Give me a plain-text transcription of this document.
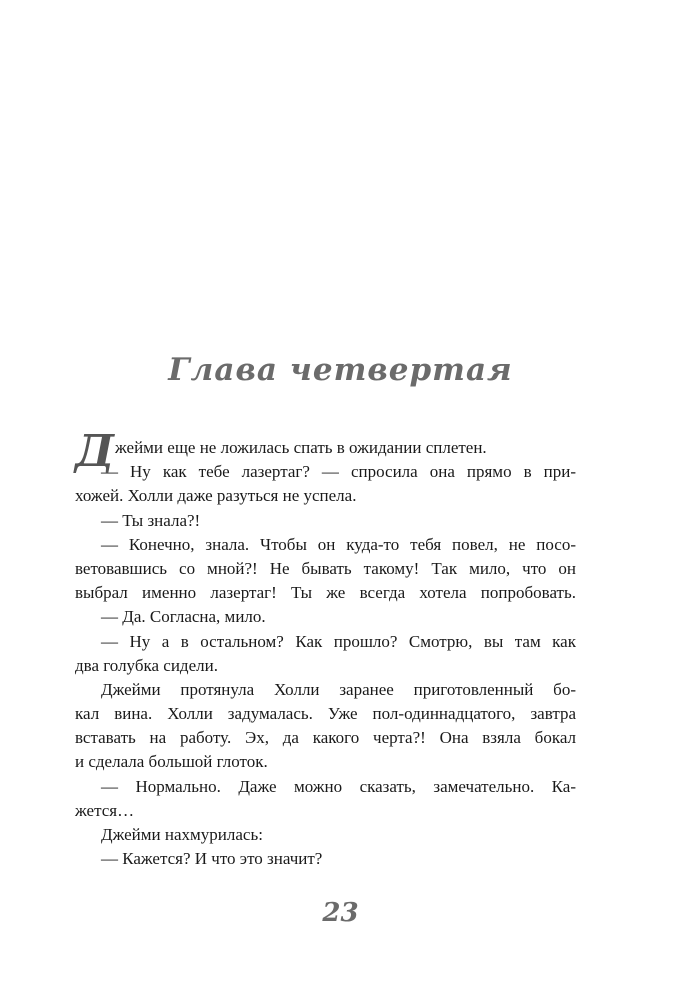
Глава четвертая
Д жейми еще не ложилась спать в ожидании сплетен.
— Ну как тебе лазертаг? — спросила она прямо в при-
хожей. Холли даже разуться не успела.
— Ты знала?!
— Конечно, знала. Чтобы он куда-то тебя повел, не посо-
ветовавшись со мной?! Не бывать такому! Так мило, что он
выбрал именно лазертаг! Ты же всегда хотела попробовать.
— Да. Согласна, мило.
— Ну а в остальном? Как прошло? Смотрю, вы там как
два голубка сидели.
Джейми протянула Холли заранее приготовленный бо-
кал вина. Холли задумалась. Уже пол-одиннадцатого, завтра
вставать на работу. Эх, да какого черта?! Она взяла бокал
и сделала большой глоток.
— Нормально. Даже можно сказать, замечательно. Ка-
жется…
Джейми нахмурилась:
— Кажется? И что это значит?
23
